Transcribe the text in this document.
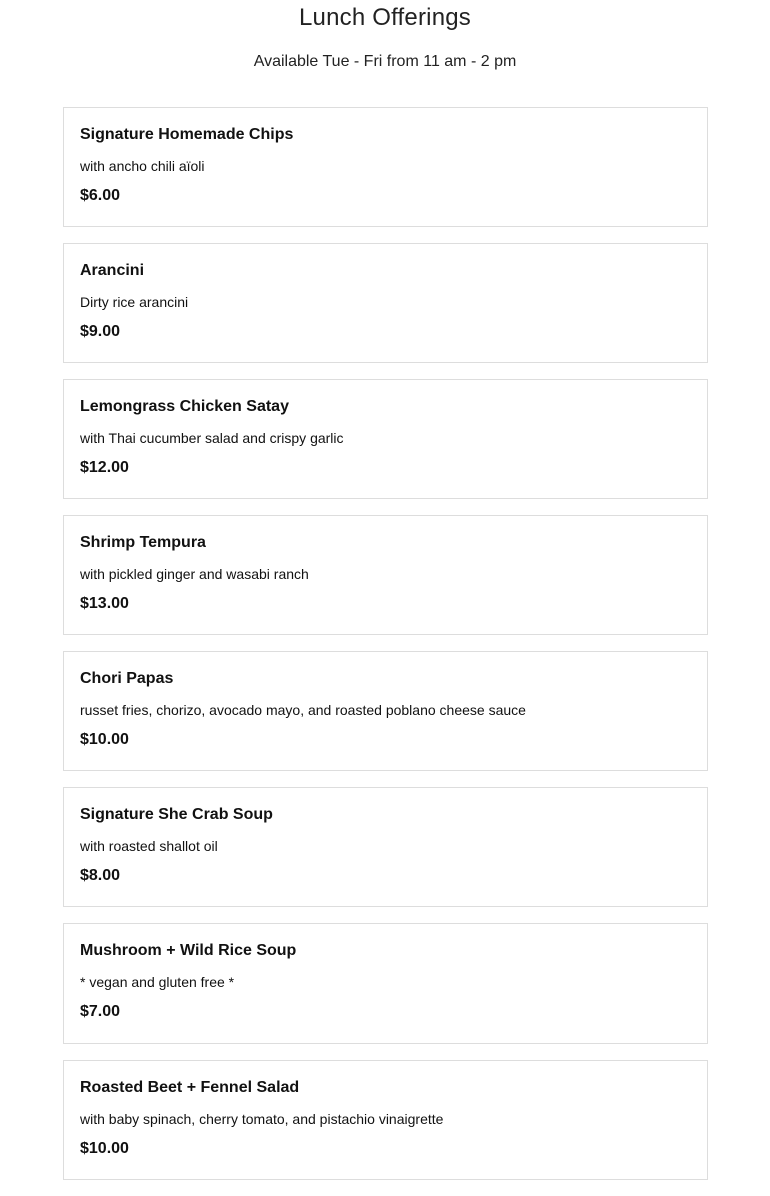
Lunch Offerings
Available Tue - Fri from 11 am - 2 pm
Signature Homemade Chips
with ancho chili aïoli
$6.00
Arancini
Dirty rice arancini
$9.00
Lemongrass Chicken Satay
with Thai cucumber salad and crispy garlic
$12.00
Shrimp Tempura
with pickled ginger and wasabi ranch
$13.00
Chori Papas
russet fries, chorizo, avocado mayo, and roasted poblano cheese sauce
$10.00
Signature She Crab Soup
with roasted shallot oil
$8.00
Mushroom + Wild Rice Soup
* vegan and gluten free *
$7.00
Roasted Beet + Fennel Salad
with baby spinach, cherry tomato, and pistachio vinaigrette
$10.00
